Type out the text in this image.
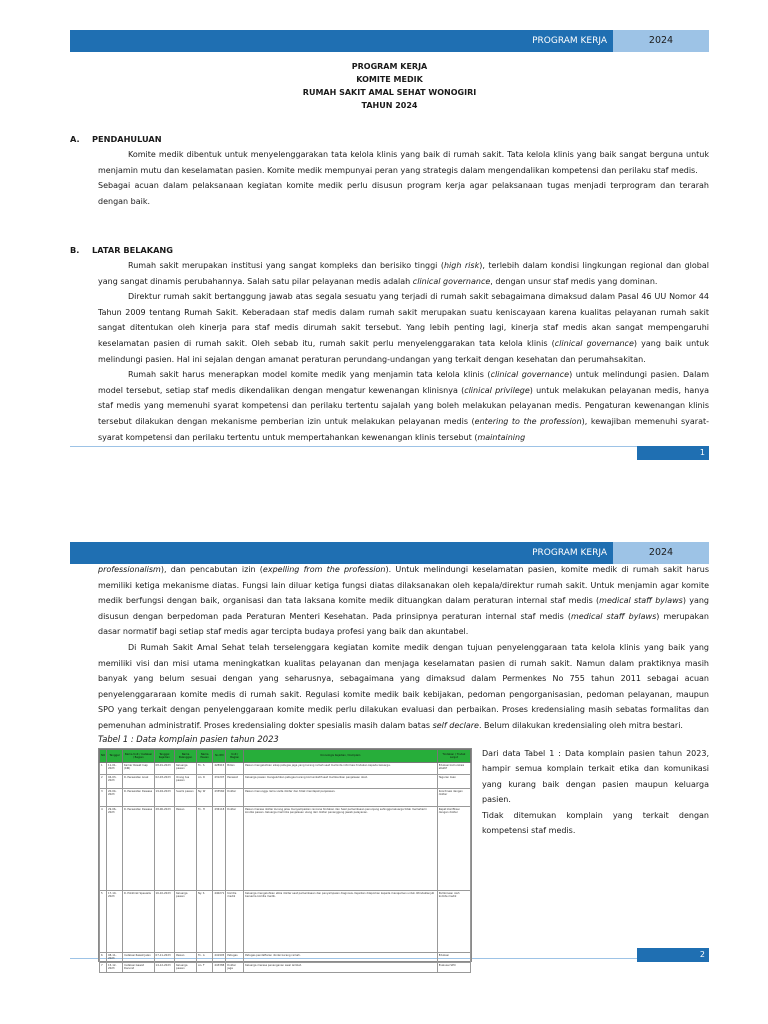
PROGRAM KERJA	2024
PROGRAM KERJA
KOMITE MEDIK
RUMAH SAKIT AMAL SEHAT WONOGIRI
TAHUN 2024
A. PENDAHULUAN

Komite medik dibentuk untuk menyelenggarakan tata kelola klinis yang baik di rumah sakit. Tata kelola klinis yang baik sangat berguna untuk menjamin mutu dan keselamatan pasien. Komite medik mempunyai peran yang strategis dalam mengendalikan kompetensi dan perilaku staf medis.

Sebagai acuan dalam pelaksanaan kegiatan komite medik perlu disusun program kerja agar pelaksanaan tugas menjadi terprogram dan terarah dengan baik.

B. LATAR BELAKANG

Rumah sakit merupakan institusi yang sangat kompleks dan berisiko tinggi (high risk), terlebih dalam kondisi lingkungan regional dan global yang sangat dinamis perubahannya. Salah satu pilar pelayanan medis adalah clinical governance, dengan unsur staf medis yang dominan.

Direktur rumah sakit bertanggung jawab atas segala sesuatu yang terjadi di rumah sakit sebagaimana dimaksud dalam Pasal 46 UU Nomor 44 Tahun 2009 tentang Rumah Sakit. Keberadaan staf medis dalam rumah sakit merupakan suatu keniscayaan karena kualitas pelayanan rumah sakit sangat ditentukan oleh kinerja para staf medis dirumah sakit tersebut. Yang lebih penting lagi, kinerja staf medis akan sangat mempengaruhi keselamatan pasien di rumah sakit. Oleh sebab itu, rumah sakit perlu menyelenggarakan tata kelola klinis (clinical governance) yang baik untuk melindungi pasien. Hal ini sejalan dengan amanat peraturan perundang-undangan yang terkait dengan kesehatan dan perumahsakitan.

Rumah sakit harus menerapkan model komite medik yang menjamin tata kelola klinis (clinical governance) untuk melindungi pasien. Dalam model tersebut, setiap staf medis dikendalikan dengan mengatur kewenangan klinisnya (clinical privilege) untuk melakukan pelayanan medis, hanya staf medis yang memenuhi syarat kompetensi dan perilaku tertentu sajalah yang boleh melakukan pelayanan medis. Pengaturan kewenangan klinis tersebut dilakukan dengan mekanisme pemberian izin untuk melakukan pelayanan medis (entering to the profession), kewajiban memenuhi syarat-syarat kompetensi dan perilaku tertentu untuk mempertahankan kewenangan klinis tersebut (maintaining

1
PROGRAM KERJA	2024

professionalism), dan pencabutan izin (expelling from the profession). Untuk melindungi keselamatan pasien, komite medik di rumah sakit harus memiliki ketiga mekanisme diatas. Fungsi lain diluar ketiga fungsi diatas dilaksanakan oleh kepala/direktur rumah sakit. Untuk menjamin agar komite medik berfungsi dengan baik, organisasi dan tata laksana komite medik dituangkan dalam peraturan internal staf medis (medical staff bylaws) yang disusun dengan berpedoman pada Peraturan Menteri Kesehatan. Pada prinsipnya peraturan internal staf medis (medical staff bylaws) merupakan dasar normatif bagi setiap staf medis agar tercipta budaya profesi yang baik dan akuntabel.

Di Rumah Sakit Amal Sehat telah terselenggara kegiatan komite medik dengan tujuan penyelenggaraan tata kelola klinis yang baik yang memiliki visi dan misi utama meningkatkan kualitas pelayanan dan menjaga keselamatan pasien di rumah sakit. Namun dalam praktiknya masih banyak yang belum sesuai dengan yang seharusnya, sebagaimana yang dimaksud dalam Permenkes No 755 tahun 2011 sebagai acuan penyelenggararaan komite medis di rumah sakit. Regulasi komite medik baik kebijakan, pedoman pengorganisasian, pedoman pelayanan, maupun SPO yang terkait dengan penyelenggaraan komite medik perlu dilakukan evaluasi dan perbaikan. Proses kredensialing masih sebatas formalitas dan pemenuhan administratif. Proses kredensialing dokter spesialis masih dalam batas self declare. Belum dilakukan kredensialing oleh mitra bestari.

2
Tabel 1 : Data komplain pasien tahun 2023
NO	Tanggal	Nama Unit / Instalasi / Bagian	Tanggal Kejadian	Nama Pelanggan	Nama Pasien	No RM	Unit / Bagian	Kronologis Kejadian / Komplain	Tindakan / Tindak Lanjut
1	11-01-2023	Kamar Rawat Inap (KRI)	08-01-2023	Keluarga pasien	Tn. S	428915	Bidan	Pasien mengeluhkan sikap petugas jaga yang kurang ramah saat meminta informasi tindakan kepada keluarga.	Edukasi komunikasi efektif
2	04-03-2023	R. Perawatan Anak	02-03-2023	Orang tua pasien	An. R	431207	Perawat	Keluarga pasien mengeluhkan petugas kurang komunikatif saat memberikan penjelasan obat.	Teguran lisan
3	20-04-2023	R. Perawatan Dewasa	19-04-2023	Suami pasien	Ny. W	433560	Dokter	Pasien menunggu lama visite dokter dan tidak mendapat penjelasan.	Koordinasi dengan dokter
4	29-06-2023	R. Perawatan Dewasa	28-06-2023	Pasien	Tn. H	436118	Dokter	Pasien merasa dokter kurang jelas menyampaikan rencana tindakan dan hasil pemeriksaan penunjang sehingga keluarga tidak memahami kondisi pasien. Keluarga meminta penjelasan ulang dari dokter penanggung jawab pelayanan.	Rapat klarifikasi dengan dokter
5	17-10-2023	R. Poliklinik Spesialis	16-10-2023	Keluarga pasien	Ny. S	440271	Komite medik	Keluarga mengeluhkan etika dokter saat pemeriksaan dan penyampaian diagnosis. Kejadian dilaporkan kepada manajemen untuk ditindaklanjuti bersama komite medik.	Pembinaan oleh komite medik
6	08-11-2023	Instalasi Rawat Jalan	07-11-2023	Pasien	Tn. A	441905	Petugas	Petugas pendaftaran dinilai kurang ramah.	Edukasi
7	15-12-2023	Instalasi Gawat Darurat	14-12-2023	Keluarga pasien	An. F	443388	Dokter jaga	Keluarga merasa penanganan awal lambat.	Evaluasi SPO

Dari data Tabel 1 : Data komplain pasien tahun 2023, hampir semua komplain terkait etika dan komunikasi yang kurang baik dengan pasien maupun keluarga pasien.

Tidak ditemukan komplain yang terkait dengan kompetensi staf medis.
